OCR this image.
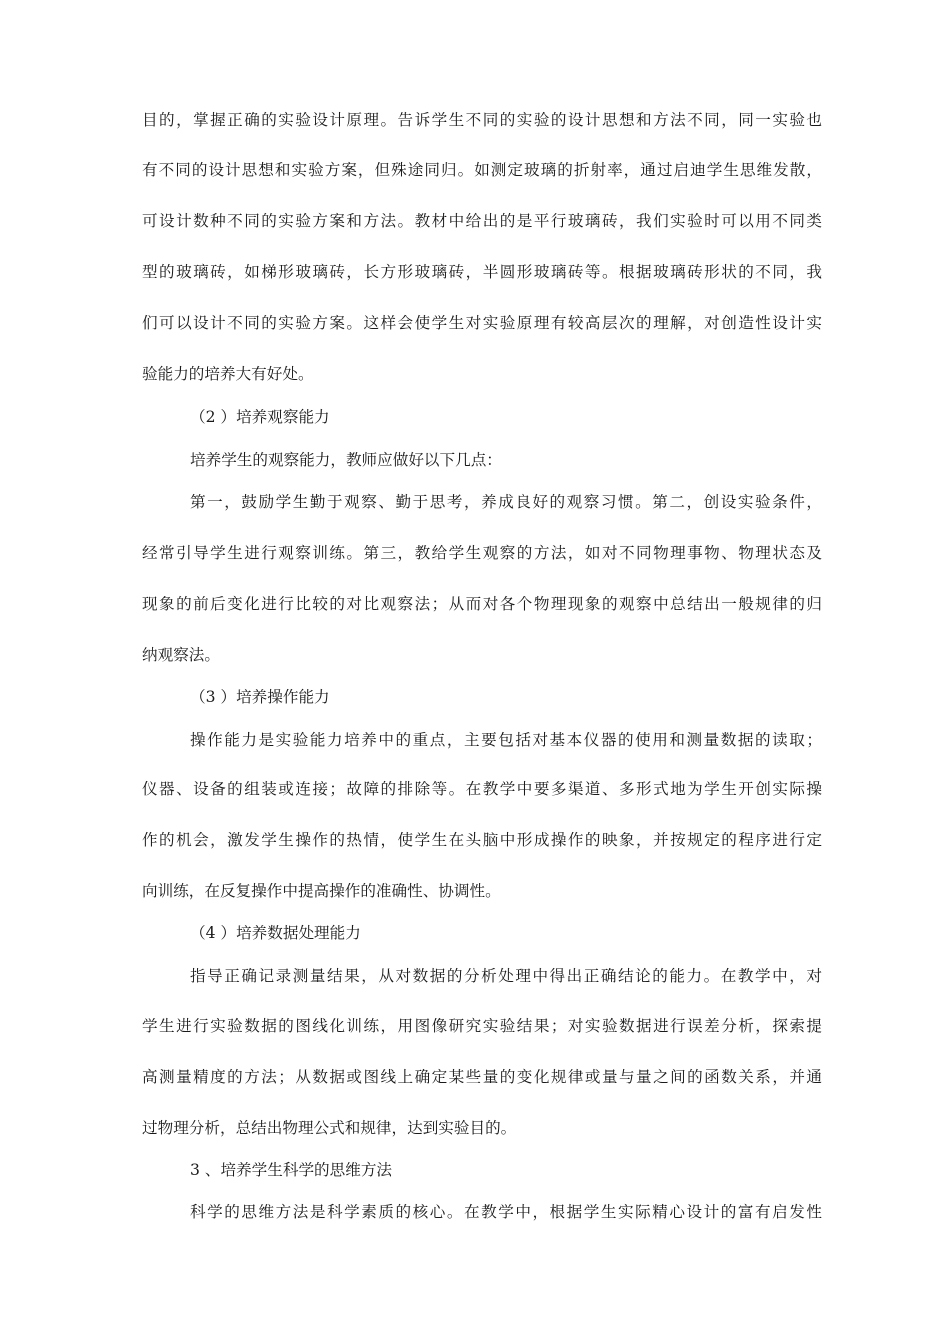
目的，掌握正确的实验设计原理。告诉学生不同的实验的设计思想和方法不同，同一实验也
有不同的设计思想和实验方案，但殊途同归。如测定玻璃的折射率，通过启迪学生思维发散，
可设计数种不同的实验方案和方法。教材中给出的是平行玻璃砖，我们实验时可以用不同类
型的玻璃砖，如梯形玻璃砖，长方形玻璃砖，半圆形玻璃砖等。根据玻璃砖形状的不同，我
们可以设计不同的实验方案。这样会使学生对实验原理有较高层次的理解，对创造性设计实
验能力的培养大有好处。
（2 ）培养观察能力
培养学生的观察能力，教师应做好以下几点：
第一，鼓励学生勤于观察、勤于思考，养成良好的观察习惯。第二，创设实验条件，
经常引导学生进行观察训练。第三，教给学生观察的方法，如对不同物理事物、物理状态及
现象的前后变化进行比较的对比观察法；从而对各个物理现象的观察中总结出一般规律的归
纳观察法。
（3 ）培养操作能力
操作能力是实验能力培养中的重点，主要包括对基本仪器的使用和测量数据的读取；
仪器、设备的组装或连接；故障的排除等。在教学中要多渠道、多形式地为学生开创实际操
作的机会，激发学生操作的热情，使学生在头脑中形成操作的映象，并按规定的程序进行定
向训练，在反复操作中提高操作的准确性、协调性。
（4 ）培养数据处理能力
指导正确记录测量结果，从对数据的分析处理中得出正确结论的能力。在教学中，对
学生进行实验数据的图线化训练，用图像研究实验结果；对实验数据进行误差分析，探索提
高测量精度的方法；从数据或图线上确定某些量的变化规律或量与量之间的函数关系，并通
过物理分析，总结出物理公式和规律，达到实验目的。
3 、培养学生科学的思维方法
科学的思维方法是科学素质的核心。在教学中，根据学生实际精心设计的富有启发性
